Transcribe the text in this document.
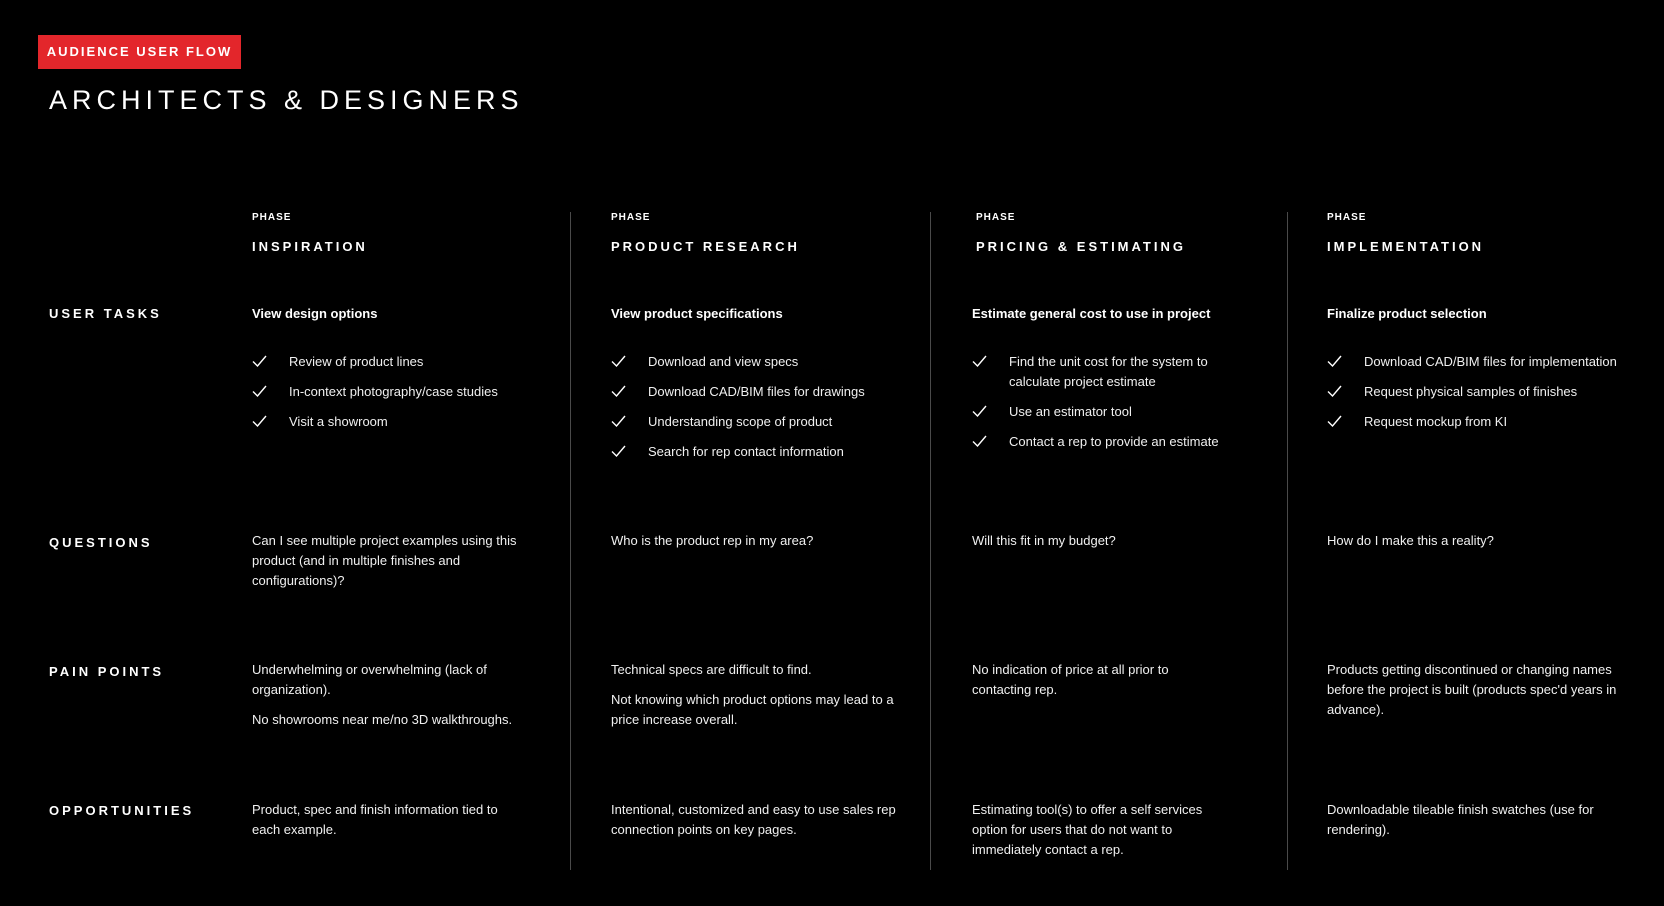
AUDIENCE USER FLOW
ARCHITECTS & DESIGNERS
PHASE
INSPIRATION
PHASE
PRODUCT RESEARCH
PHASE
PRICING & ESTIMATING
PHASE
IMPLEMENTATION
USER TASKS
QUESTIONS
PAIN POINTS
OPPORTUNITIES
View design options
Review of product lines
In-context photography/case studies
Visit a showroom
View product specifications
Download and view specs
Download CAD/BIM files for drawings
Understanding scope of product
Search for rep contact information
Estimate general cost to use in project
Find the unit cost for the system to calculate project estimate
Use an estimator tool
Contact a rep to provide an estimate
Finalize product selection
Download CAD/BIM files for implementation
Request physical samples of finishes
Request mockup from KI

Can I see multiple project examples using this product (and in multiple finishes and configurations)?

Who is the product rep in my area?	Will this fit in my budget?	How do I make this a reality?

Underwhelming or overwhelming (lack of organization).

No showrooms near me/no 3D walkthroughs.

Technical specs are difficult to find.

Not knowing which product options may lead to a price increase overall.

No indication of price at all prior to contacting rep.

Products getting discontinued or changing names before the project is built (products spec'd years in advance).

Product, spec and finish information tied to each example.

Intentional, customized and easy to use sales rep connection points on key pages.

Estimating tool(s) to offer a self services option for users that do not want to immediately contact a rep.

Downloadable tileable finish swatches (use for rendering).
